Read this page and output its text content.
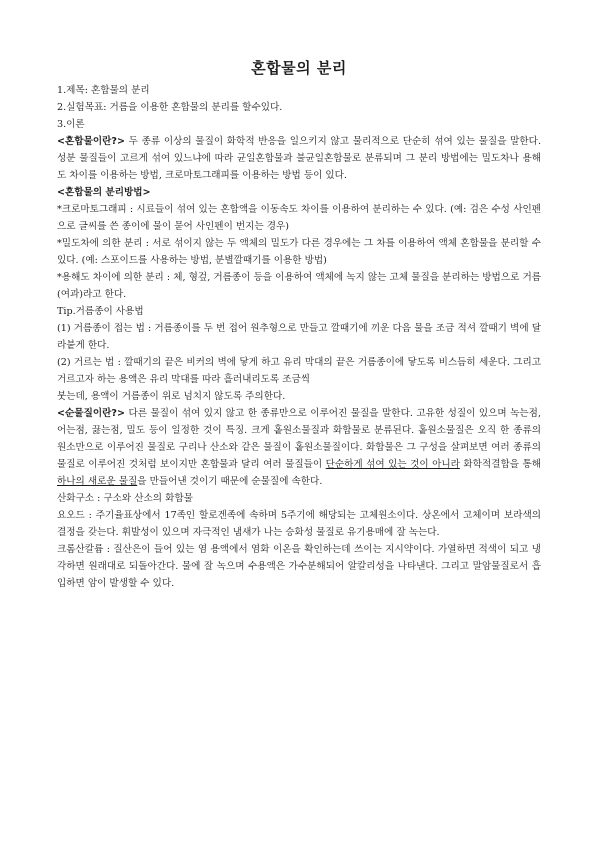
혼합물의 분리

1.제목: 혼합물의 분리

2.실험목표: 거름을 이용한 혼합물의 분리를 할수있다.

3.이론

<혼합물이란?> 두 종류 이상의 물질이 화학적 반응을 일으키지 않고 물리적으로 단순히 섞여 있는 물질을 말한다. 성분 물질들이 고르게 섞여 있느냐에 따라 균일혼합물과 불균일혼합물로 분류되며 그 분리 방법에는 밀도차나 용해도 차이를 이용하는 방법, 크로마토그래피를 이용하는 방법 등이 있다.

<혼합물의 분리방법>

*크로마토그래피 : 시료들이 섞여 있는 혼합액을 이동속도 차이를 이용하여 분리하는 수 있다. (예: 검은 수성 사인펜으로 글씨를 쓴 종이에 물이 묻어 사인펜이 번지는 경우)

*밀도차에 의한 분리 : 서로 섞이지 않는 두 액체의 밀도가 다른 경우에는 그 차를 이용하여 액체 혼합물을 분리할 수 있다. (예: 스포이드를 사용하는 방법, 분별깔때기를 이용한 방법)

*용해도 차이에 의한 분리 : 체, 형겊, 거름종이 등을 이용하여 액체에 녹지 않는 고체 물질을 분리하는 방법으로 거름(여과)라고 한다.

Tip.거름종이 사용법

(1) 거름종이 접는 법 : 거름종이를 두 번 접어 원추형으로 만들고 깔때기에 끼운 다음 물을 조금 적셔 깔때기 벽에 달라붙게 한다.

(2) 거르는 법 : 깔때기의 끝은 비커의 벽에 닿게 하고 유리 막대의 끝은 거름종이에 닿도록 비스듬히 세운다. 그리고 거르고자 하는 용액은 유리 막대를 따라 흘러내리도록 조금씩

붓는데, 용액이 거름종이 위로 넘치지 않도록 주의한다.

<순물질이란?> 다른 물질이 섞여 있지 않고 한 종류만으로 이루어진 물질을 말한다. 고유한 성질이 있으며 녹는점, 어는점, 끓는점, 밀도 등이 일정한 것이 특징. 크게 홑원소물질과 화합물로 분류된다. 홑원소물질은 오직 한 종류의 원소만으로 이루어진 물질로 구리나 산소와 같은 물질이 홑원소물질이다. 화합물은 그 구성을 살펴보면 여러 종류의 물질로 이루어진 것처럼 보이지만 혼합물과 달리 여러 물질들이 단순하게 섞여 있는 것이 아니라 화학적결합을 통해 하나의 새로운 물질을 만들어낸 것이기 때문에 순물질에 속한다.

산화구소 : 구소와 산소의 화합물

요오드 : 주기율표상에서 17족인 할로겐족에 속하며 5주기에 해당되는 고체원소이다. 상온에서 고체이며 보라색의 결정을 갖는다. 휘발성이 있으며 자극적인 냄새가 나는 승화성 물질로 유기용매에 잘 녹는다.

크롬산칼륨 : 질산은이 들어 있는 염 용액에서 염화 이온을 확인하는데 쓰이는 지시약이다. 가열하면 적색이 되고 냉각하면 원래대로 되돌아간다. 물에 잘 녹으며 수용액은 가수분해되어 알칼리성을 나타낸다. 그리고 말암물질로서 흡입하면 암이 발생할 수 있다.
